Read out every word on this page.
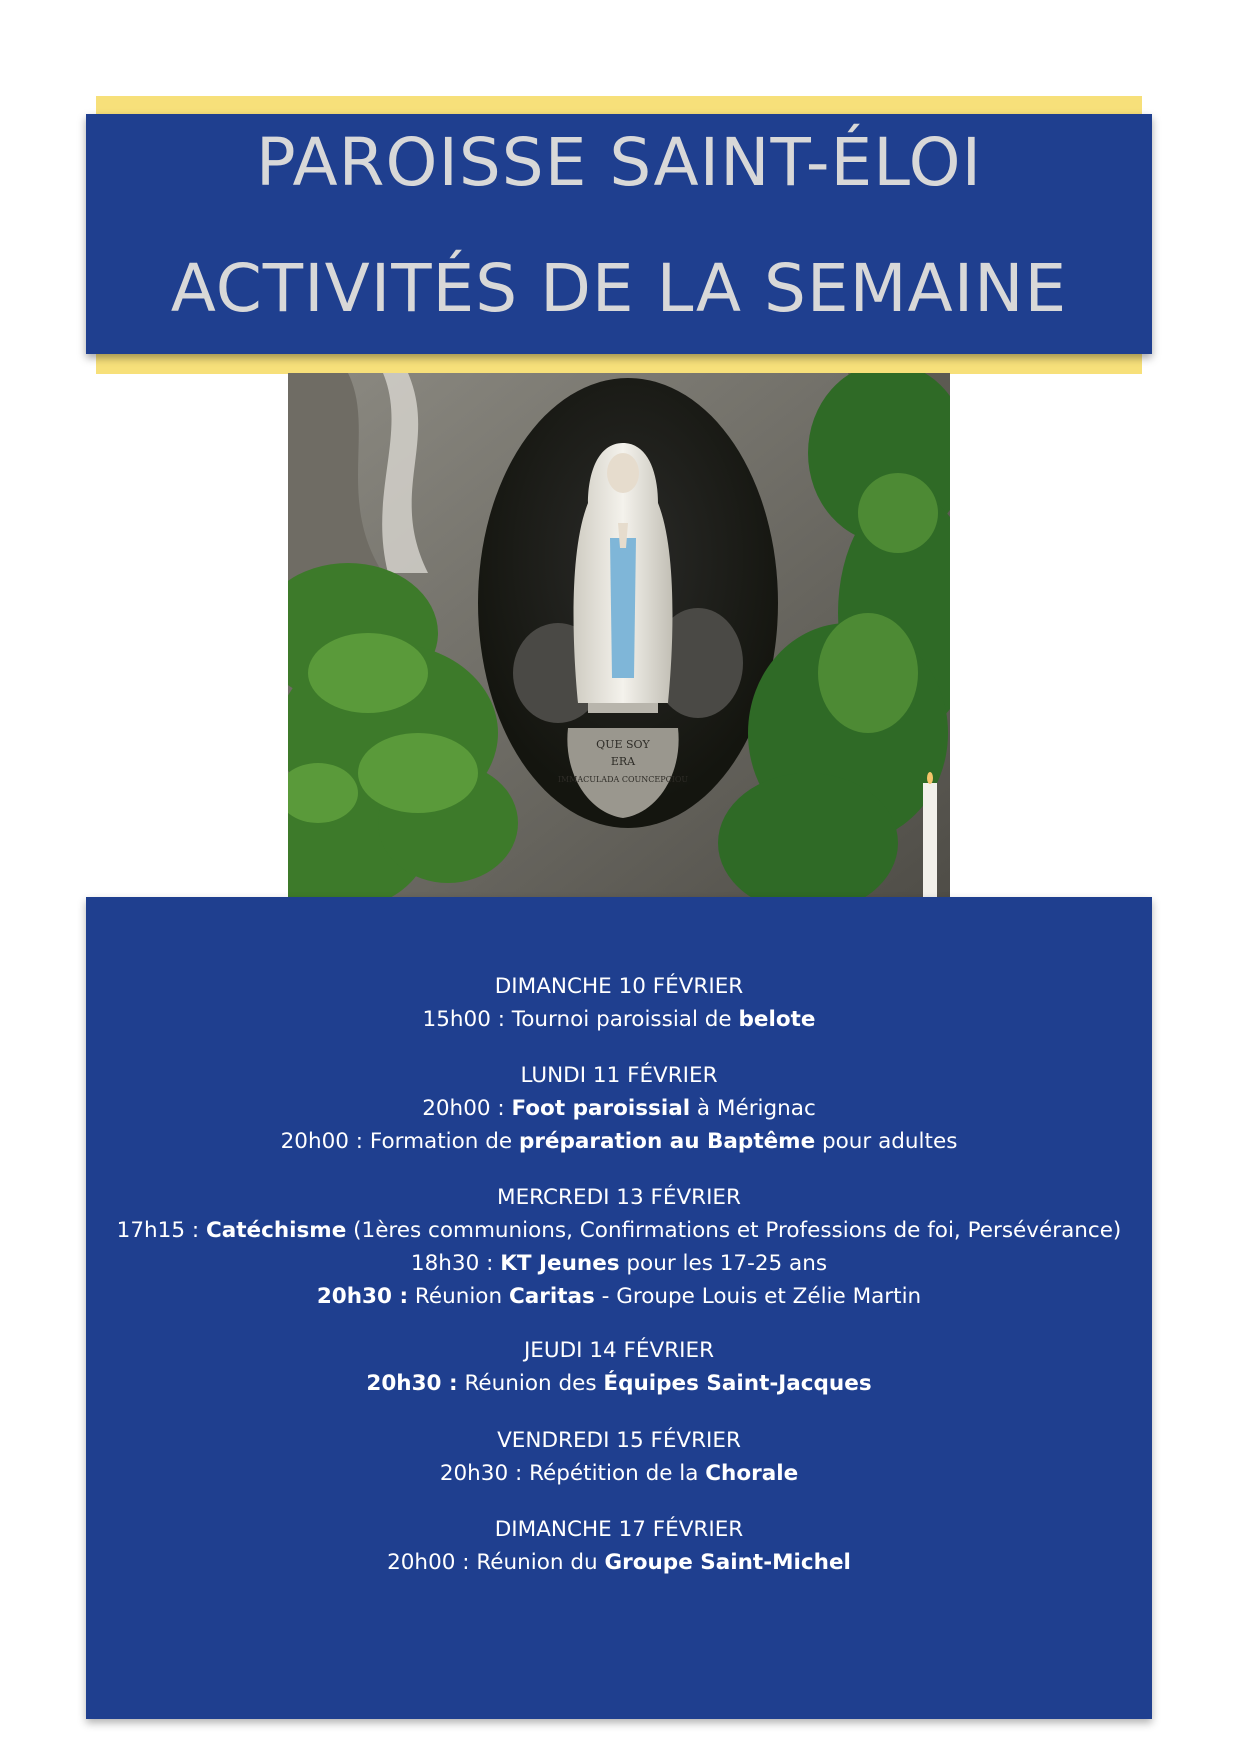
PAROISSE SAINT-ÉLOI
ACTIVITÉS DE LA SEMAINE
QUE SOY
ERA
IMMACULADA COUNCEPCIOU
DIMANCHE 10 FÉVRIER
15h00 : Tournoi paroissial de belote
LUNDI 11 FÉVRIER
20h00 : Foot paroissial à Mérignac
20h00 : Formation de préparation au Baptême pour adultes
MERCREDI 13 FÉVRIER
17h15 : Catéchisme (1ères communions, Confirmations et Professions de foi, Persévérance)
18h30 : KT Jeunes pour les 17-25 ans
20h30 : Réunion Caritas - Groupe Louis et Zélie Martin
JEUDI 14 FÉVRIER
20h30 : Réunion des Équipes Saint-Jacques
VENDREDI 15 FÉVRIER
20h30 : Répétition de la Chorale
DIMANCHE 17 FÉVRIER
20h00 : Réunion du Groupe Saint-Michel
